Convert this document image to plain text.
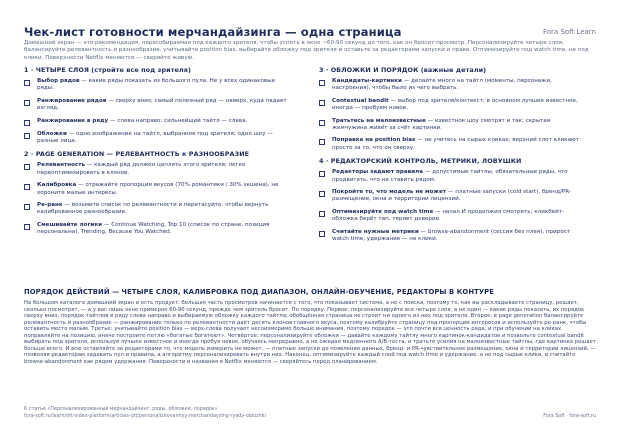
Чек-лист готовности мерчандайзинга — одна страница	Fora Soft Learn
Домашний экран — это рекомендация, пересобираемая под каждого зрителя, чтобы успеть в окно ~60-90 секунд до того, как он бросит просмотр. Персонализируйте четыре слоя, балансируйте релевантность и разнообразие, учитывайте position bias, выбирайте обложку под зрителя и оставьте за редакторами запуски и права. Оптимизируйте под watch time, не под клики. Поверхности Netflix меняются — сверяйте живую.
1 · ЧЕТЫРЕ СЛОЯ (стройте все под зрителя)
Выбор рядов — какие ряды показать из большого пула. Не у всех одинаковые ряды.
Ранжирование рядов — сверху вниз; самый полезный ряд — наверх, куда падает взгляд.
Ранжирование в ряду — слева направо; сильнейший тайтл — слева.
Обложки — одно изображение на тайтл, выбранное под зрителя; одно шоу — разные лица.
2 · PAGE GENERATION — РЕЛЕВАНТНОСТЬ к РАЗНООБРАЗИЕ
Релевантность — каждый ряд должен цеплять этого зрителя; легко переоптимизировать в клонов.
Калибровка — отражайте пропорции вкусов (70% романтики / 30% экшена), не хороните малые интересы.
Ре-ранк — возьмите список по релевантности и перетасуйте, чтобы вернуть калиброванное разнообразие.
Смешивайте логики — Continue Watching, Top 10 (список по стране, позиция персональна), Trending, Because You Watched.
3 · ОБЛОЖКИ И ПОРЯДОК (важные детали)
Кандидаты-картинки — делайте много на тайтл (моменты, персонажи, настроения), чтобы было из чего выбрать.
Contextual bandit — выбор под зрителя/контекст; в основном лучшее известное, иногда — пробуем новое.
Тратьтесь на малоизвестные — известное шоу смотрят и так; скрытая жемчужина живёт за счёт картинки.
Поправка на position bias — не учитесь на сырых кликах; верхний слот кликают просто за то, что он сверху.
4 · РЕДАКТОРСКИЙ КОНТРОЛЬ, МЕТРИКИ, ЛОВУШКИ
Редакторы задают правила — допустимые тайтлы, обязательные ряды, что продвигать, что не ставить рядом.
Покройте то, что модель не может — платные запуски (cold start), бренд/PR-размещение, окна и территории лицензий.
Оптимизируйте под watch time — начал И продолжил смотреть; кликбейт-обложка берёт тап, теряет доверие.
Считайте нужные метрики — browse-abandonment (сессия без плея), прирост watch time, удержание — не клики.
ПОРЯДОК ДЕЙСТВИЙ — ЧЕТЫРЕ СЛОЯ, КАЛИБРОВКА ПОД ДИАПАЗОН, ОНЛАЙН-ОБУЧЕНИЕ, РЕДАКТОРЫ В КОНТУРЕ
На большом каталоге домашний экран и есть продукт: большая часть просмотров начинается с того, что показывает система, а не с поиска, поэтому то, как вы раскладываете страницу, решает, сколько посмотрят, — а у вас лишь окно примерно 60-90 секунд, прежде чем зритель бросит. По порядку. Первое: персонализируйте все четыре слоя, а не один — какие ряды показать, их порядок сверху вниз, порядок тайтлов в ряду слева направо и выбираемую обложку каждого тайтла; обобщённая страница не строит ни одного из них под зрителя. Второе: в page generation балансируйте релевантность и разнообразие — ранжирование только по релевантности даёт десять клонов главного вкуса, поэтому калибруйте страницу под пропорции интересов и используйте ре-ранк, чтобы оставить место малым. Третье: учитывайте position bias — верх-слева получает несоизмеримо больше внимания, поэтому порядок — это почти вся ценность ряда, и при обучении на кликах поправляйте на позицию, иначе построите петлю «богатые богатеют». Четвёртое: персонализируйте обложки — давайте каждому тайтлу много картинок-кандидатов и позвольте contextual bandit выбирать под зрителя, используя лучшее известное и иногда пробуя новое, обучаясь непрерывно, а не ожидая медленного A/B-теста, и тратьте усилия на малоизвестные тайтлы, где картинка решает больше всего. И всю оставляйте за редакторами то, что модель измерить не может, — платные запуски до появления данных, бренд- и PR-чувствительное размещение, окна и территории лицензий, — позволяя редакторам задавать пул и правила, а алгоритму персонализировать внутри них. Наконец, оптимизируйте каждый слой под watch time и удержание, а не под сырые клики, и считайте browse-abandonment как рядом удержания. Поверхности и названия в Netflix меняются — сверяйтесь перед планированием.
К статье «Персонализированный мерчандайзинг: ряды, обложки, порядок»
fora-soft.ru/learn/ott-video-platform/articles-ott/personalizirovannyy-merchandayzing-ryady-oblozhki	Fora Soft · fora-soft.ru
